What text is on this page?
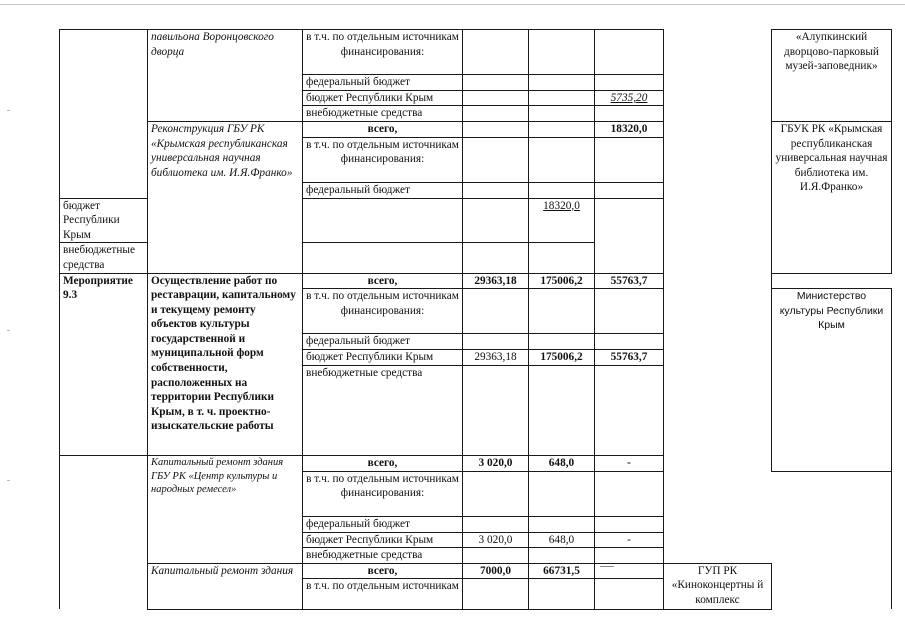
	павильона Воронцовского дворца	в т.ч. по отдельным источникам финансирования:					«Алупкинский дворцово-парковый музей-заповедник»	

		федеральный бюджет						
		бюджет Республики Крым			5735,20			
		внебюджетные средства						
	Реконструкция ГБУ РК «Крымская республиканская универсальная научная библиотека им. И.Я.Франко»	всего,			18320,0		ГБУК РК «Крымская республиканская универсальная научная библиотека им. И.Я.Франко»	
		в т.ч. по отдельным источникам финансирования:						

		федеральный бюджет						
бюджет Республики Крым				18320,0				
внебюджетные средства								
Мероприятие 9.3	Осуществление работ по реставрации, капитальному и текущему ремонту объектов культуры государственной и муниципальной форм собственности, расположенных на территории Республики Крым, в т. ч. проектно-изыскательские работы	всего,	29363,18	175006,2	55763,7			
		в т.ч. по отдельным источникам финансирования:					Министерство культуры Республики Крым	

		федеральный бюджет						
		бюджет Республики Крым	29363,18	175006,2	55763,7			
		внебюджетные средства						

	Капитальный ремонт здания ГБУ РК «Центр культуры и народных ремесел»	всего,	3 020,0	648,0	-		
		в т.ч. по отдельным источникам финансирования:						

		федеральный бюджет						
		бюджет Республики Крым	3 020,0	648,0	-			
		внебюджетные средства						
	Капитальный ремонт здания	всего,	7000,0	66731,5		ГУП РК «Киноконцертны й комплекс		
		в т.ч. по отдельным источникам						
